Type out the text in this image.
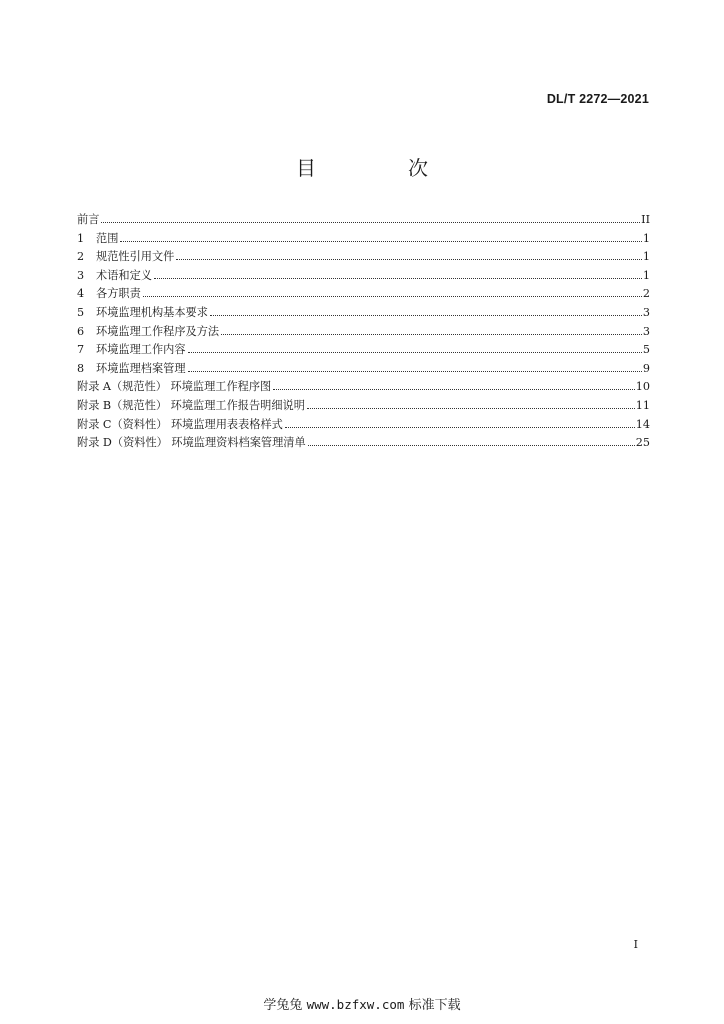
DL/T 2272—2021
目　次
前言	II
1	范围	1
2	规范性引用文件	1
3	术语和定义	1
4	各方职责	2
5	环境监理机构基本要求	3
6	环境监理工作程序及方法	3
7	环境监理工作内容	5
8	环境监理档案管理	9
附录 A（规范性） 环境监理工作程序图	10
附录 B（规范性） 环境监理工作报告明细说明	11
附录 C（资料性） 环境监理用表表格样式	14
附录 D（资料性） 环境监理资料档案管理清单	25
I
学兔兔 www.bzfxw.com 标准下载
